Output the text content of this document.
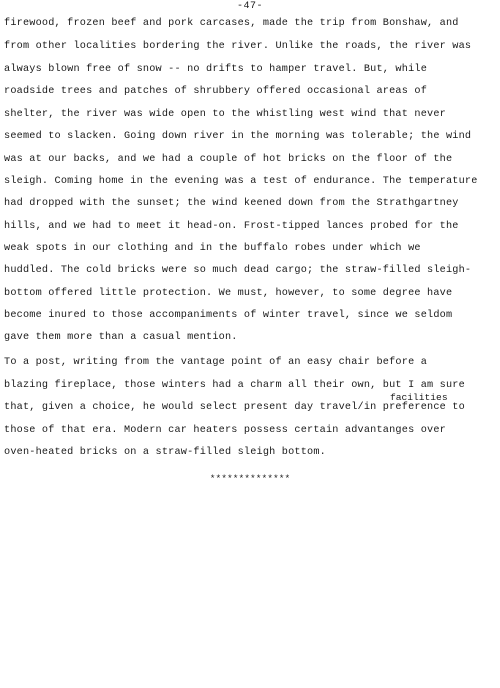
-47-
firewood, frozen beef and pork carcases, made the trip from Bonshaw, and
from other localities bordering the river. Unlike the roads, the river was
always blown free of snow -- no drifts to hamper travel. But, while
roadside trees and patches of shrubbery offered occasional areas of
shelter, the river was wide open to the whistling west wind that never
seemed to slacken. Going down river in the morning was tolerable; the wind
was at our backs, and we had a couple of hot bricks on the floor of the
sleigh. Coming home in the evening was a test of endurance. The temperature
had dropped with the sunset; the wind keened down from the Strathgartney
hills, and we had to meet it head-on. Frost-tipped lances probed for the
weak spots in our clothing and in the buffalo robes under which we
huddled. The cold bricks were so much dead cargo; the straw-filled sleigh-
bottom offered little protection. We must, however, to some degree have
become inured to those accompaniments of winter travel, since we seldom
gave them more than a casual mention.
To a post, writing from the vantage point of an easy chair before a
blazing fireplace, those winters had a charm all their own, but I am sure
facilities
that, given a choice, he would select present day travel/in preference to
those of that era. Modern car heaters possess certain advantanges over
oven-heated bricks on a straw-filled sleigh bottom.
**************
